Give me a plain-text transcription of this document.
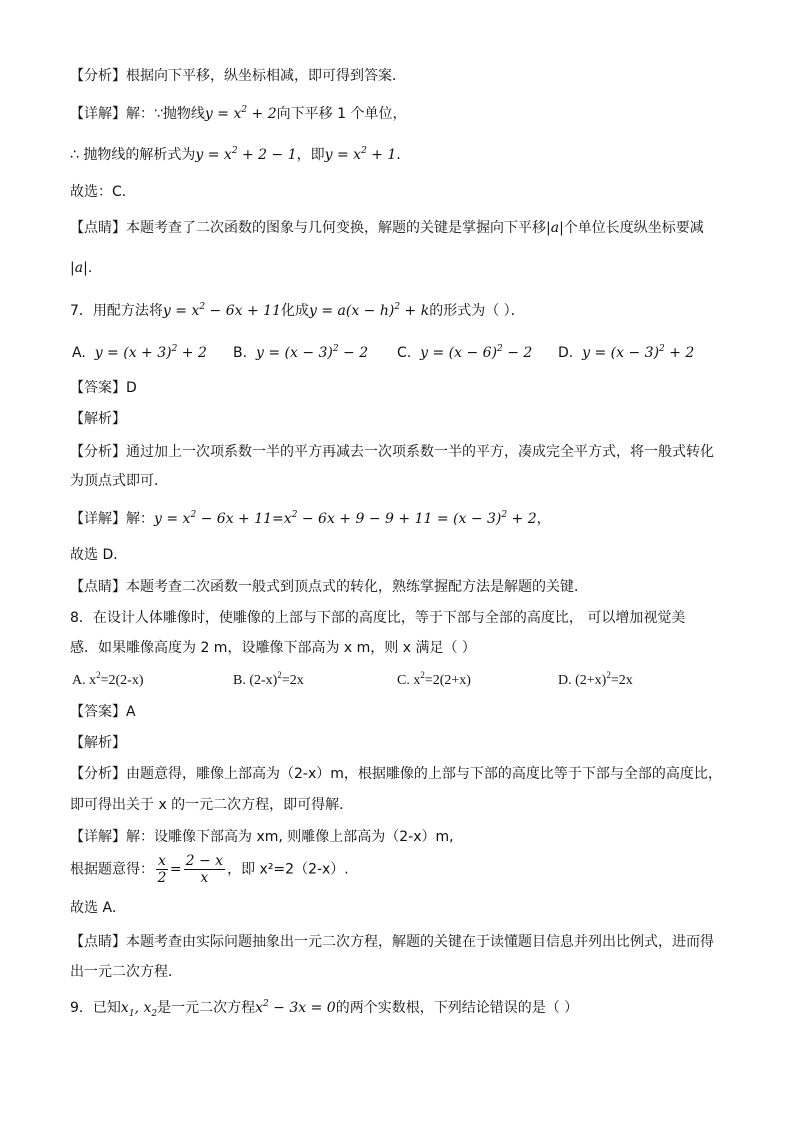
【分析】根据向下平移，纵坐标相减，即可得到答案．
【详解】解：∵抛物线$y = x^2 + 2$向下平移 1 个单位，
∴ 抛物线的解析式为$y = x^2 + 2 - 1$，即$y = x^2 + 1$．
故选：C．
【点睛】本题考查了二次函数的图象与几何变换，解题的关键是掌握向下平移|a|个单位长度纵坐标要减
|a|．
7．用配方法将$y = x^2 - 6x + 11$化成$y = a(x - h)^2 + k$的形式为（ ）．
A. $y = (x + 3)^2 + 2$ B. $y = (x - 3)^2 - 2$ C. $y = (x - 6)^2 - 2$ D. $y = (x - 3)^2 + 2$
【答案】D
【解析】
【分析】通过加上一次项系数一半的平方再减去一次项系数一半的平方，凑成完全平方式，将一般式转化
为顶点式即可．
【详解】解：$y = x^2 - 6x + 11=x^2 - 6x + 9 - 9 + 11 = (x - 3)^2 + 2$，
故选 D．
【点睛】本题考查二次函数一般式到顶点式的转化，熟练掌握配方法是解题的关键．
8．在设计人体雕像时，使雕像的上部与下部的高度比，等于下部与全部的高度比， 可以增加视觉美
感．如果雕像高度为 2 m，设雕像下部高为 x m，则 x 满足（ ）
A. $x^2=2(2-x)$	B. $(2-x)^2=2x$	C. $x^2=2(2+x)$	D. $(2+x)^2=2x$
【答案】A
【解析】
【分析】由题意得，雕像上部高为（2-x）m，根据雕像的上部与下部的高度比等于下部与全部的高度比，
即可得出关于 x 的一元二次方程，即可得解．
【详解】解：设雕像下部高为 xm, 则雕像上部高为（2-x）m,
根据题意得： $\frac{x}{2} = \frac{2 - x}{x}$ ，即 x²=2（2-x）.
故选 A．
【点睛】本题考查由实际问题抽象出一元二次方程，解题的关键在于读懂题目信息并列出比例式，进而得
出一元二次方程．
9．已知$x_1$, $x_2$是一元二次方程$x^2 - 3x = 0$的两个实数根，下列结论错误的是（ ）
